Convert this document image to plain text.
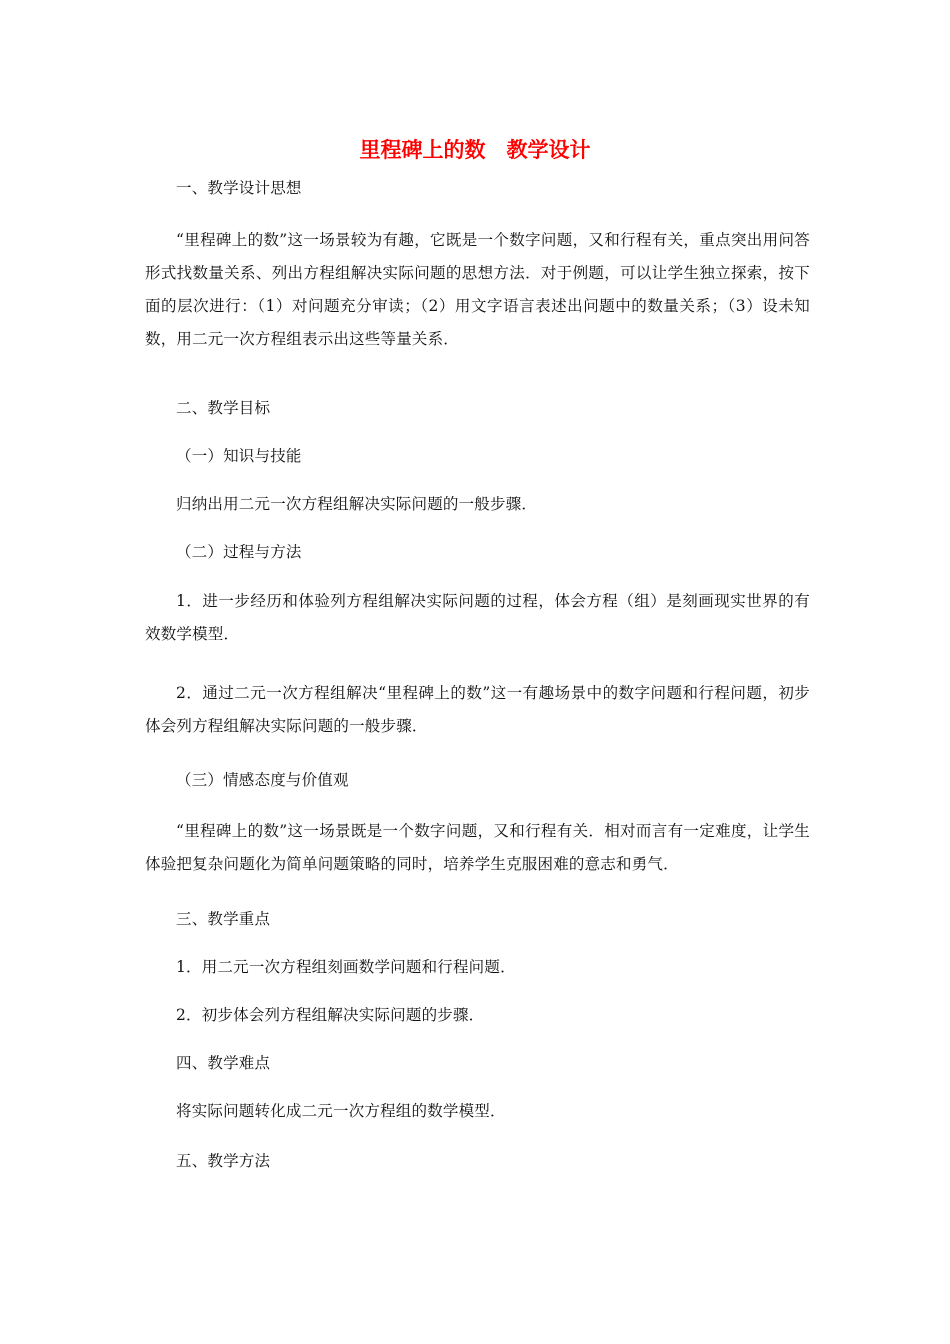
里程碑上的数　教学设计
一、教学设计思想
“里程碑上的数”这一场景较为有趣，它既是一个数字问题，又和行程有关，重点突出用问答形式找数量关系、列出方程组解决实际问题的思想方法．对于例题，可以让学生独立探索，按下面的层次进行：（1）对问题充分审读；（2）用文字语言表述出问题中的数量关系；（3）设未知数，用二元一次方程组表示出这些等量关系．
二、教学目标
（一）知识与技能
归纳出用二元一次方程组解决实际问题的一般步骤．
（二）过程与方法
1．进一步经历和体验列方程组解决实际问题的过程，体会方程（组）是刻画现实世界的有效数学模型．
2．通过二元一次方程组解决“里程碑上的数”这一有趣场景中的数字问题和行程问题，初步体会列方程组解决实际问题的一般步骤．
（三）情感态度与价值观
“里程碑上的数”这一场景既是一个数字问题，又和行程有关．相对而言有一定难度，让学生体验把复杂问题化为简单问题策略的同时，培养学生克服困难的意志和勇气．
三、教学重点
1．用二元一次方程组刻画数学问题和行程问题．
2．初步体会列方程组解决实际问题的步骤．
四、教学难点
将实际问题转化成二元一次方程组的数学模型．
五、教学方法
